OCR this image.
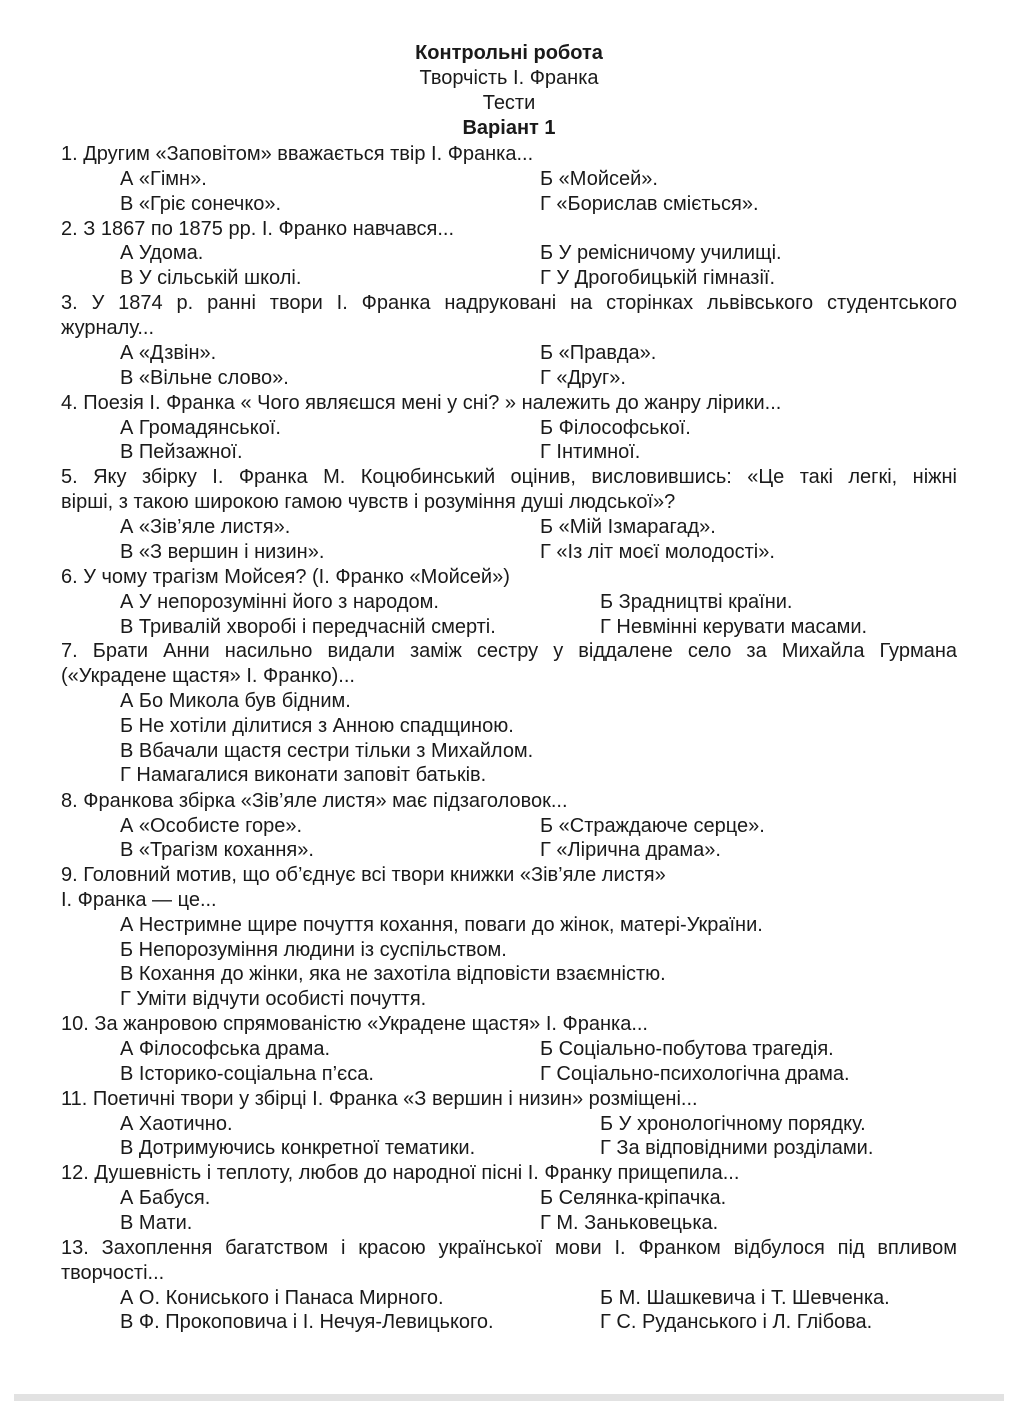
Контрольні робота
Творчість І. Франка
Тести
Варіант 1
1. Другим «Заповітом» вважається твір І. Франка...
А «Гімн».	Б «Мойсей».
В «Гріє сонечко».	Г «Борислав сміється».
2. З 1867 по 1875 рр. І. Франко навчався...
А Удома.	Б У ремісничому училищі.
В У сільській школі.	Г У Дрогобицькій гімназії.
3. У 1874 р. ранні твори І. Франка надруковані на сторінках львівського студентського
журналу...
А «Дзвін».	Б «Правда».
В «Вільне слово».	Г «Друг».
4. Поезія І. Франка « Чого являєшся мені у сні? » належить до жанру лірики...
А Громадянської.	Б Філософської.
В Пейзажної.	Г Інтимної.
5. Яку збірку І. Франка М. Коцюбинський оцінив, висловившись: «Це такі легкі, ніжні
вірші, з такою широкою гамою чувств і розуміння душі людської»?
А «Зів’яле листя».	Б «Мій Ізмарагад».
В «З вершин і низин».	Г «Із літ моєї молодості».
6. У чому трагізм Мойсея? (І. Франко «Мойсей»)
А У непорозумінні його з народом.	Б Зрадництві країни.
В Тривалій хворобі і передчасній смерті.	Г Невмінні керувати масами.
7. Брати Анни насильно видали заміж сестру у віддалене село за Михайла Гурмана
(«Украдене щастя» І. Франко)...
А Бо Микола був бідним.
Б Не хотіли ділитися з Анною спадщиною.
В Вбачали щастя сестри тільки з Михайлом.
Г Намагалися виконати заповіт батьків.
8. Франкова збірка «Зів’яле листя» має підзаголовок...
А «Особисте горе».	Б «Страждаюче серце».
В «Трагізм кохання».	Г «Лірична драма».
9. Головний мотив, що об’єднує всі твори книжки «Зів’яле листя»
І. Франка — це...
А Нестримне щире почуття кохання, поваги до жінок, матері-України.
Б Непорозуміння людини із суспільством.
В Кохання до жінки, яка не захотіла відповісти взаємністю.
Г Уміти відчути особисті почуття.
10. За жанровою спрямованістю «Украдене щастя» І. Франка...
А Філософська драма.	Б Соціально-побутова трагедія.
В Історико-соціальна п’єса.	Г Соціально-психологічна драма.
11. Поетичні твори у збірці І. Франка «З вершин і низин» розміщені...
А Хаотично.	Б У хронологічному порядку.
В Дотримуючись конкретної тематики.	Г За відповідними розділами.
12. Душевність і теплоту, любов до народної пісні І. Франку прищепила...
А Бабуся.	Б Селянка-кріпачка.
В Мати.	Г М. Заньковецька.
13. Захоплення багатством і красою української мови І. Франком відбулося під впливом
творчості...
А О. Кониського і Панаса Мирного.	Б М. Шашкевича і Т. Шевченка.
В Ф. Прокоповича і І. Нечуя-Левицького.	Г С. Руданського і Л. Глібова.
